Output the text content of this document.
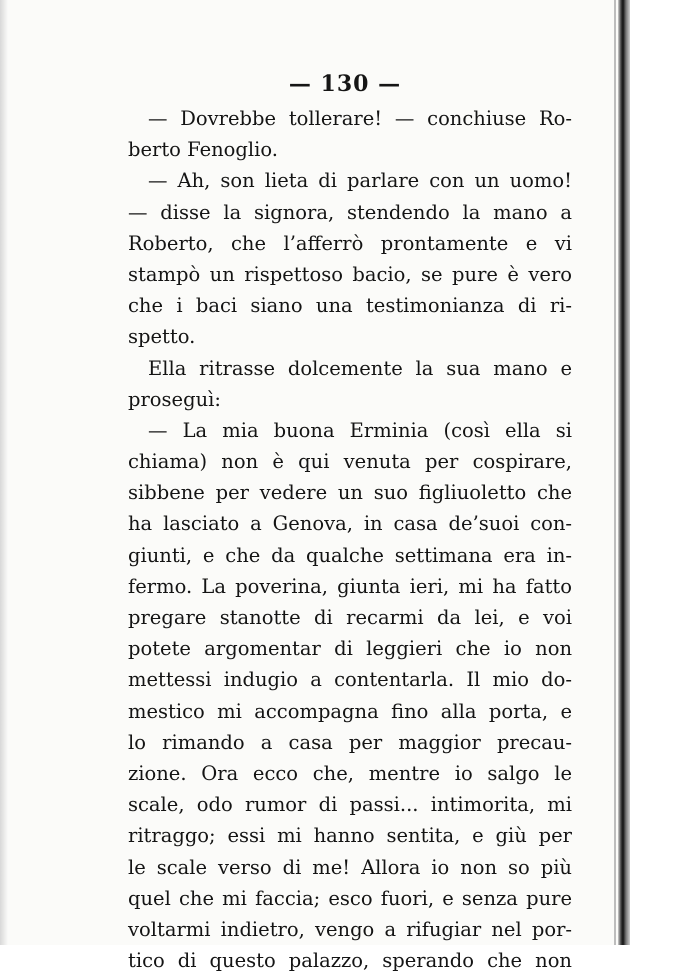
— 130 —
— Dovrebbe tollerare! — conchiuse Ro-
berto Fenoglio.
— Ah, son lieta di parlare con un uomo!
— disse la signora, stendendo la mano a
Roberto, che l’afferrò prontamente e vi
stampò un rispettoso bacio, se pure è vero
che i baci siano una testimonianza di ri-
spetto.
Ella ritrasse dolcemente la sua mano e
proseguì:
— La mia buona Erminia (così ella si
chiama) non è qui venuta per cospirare,
sibbene per vedere un suo figliuoletto che
ha lasciato a Genova, in casa de’suoi con-
giunti, e che da qualche settimana era in-
fermo. La poverina, giunta ieri, mi ha fatto
pregare stanotte di recarmi da lei, e voi
potete argomentar di leggieri che io non
mettessi indugio a contentarla. Il mio do-
mestico mi accompagna fino alla porta, e
lo rimando a casa per maggior precau-
zione. Ora ecco che, mentre io salgo le
scale, odo rumor di passi... intimorita, mi
ritraggo; essi mi hanno sentita, e giù per
le scale verso di me! Allora io non so più
quel che mi faccia; esco fuori, e senza pure
voltarmi indietro, vengo a rifugiar nel por-
tico di questo palazzo, sperando che non
